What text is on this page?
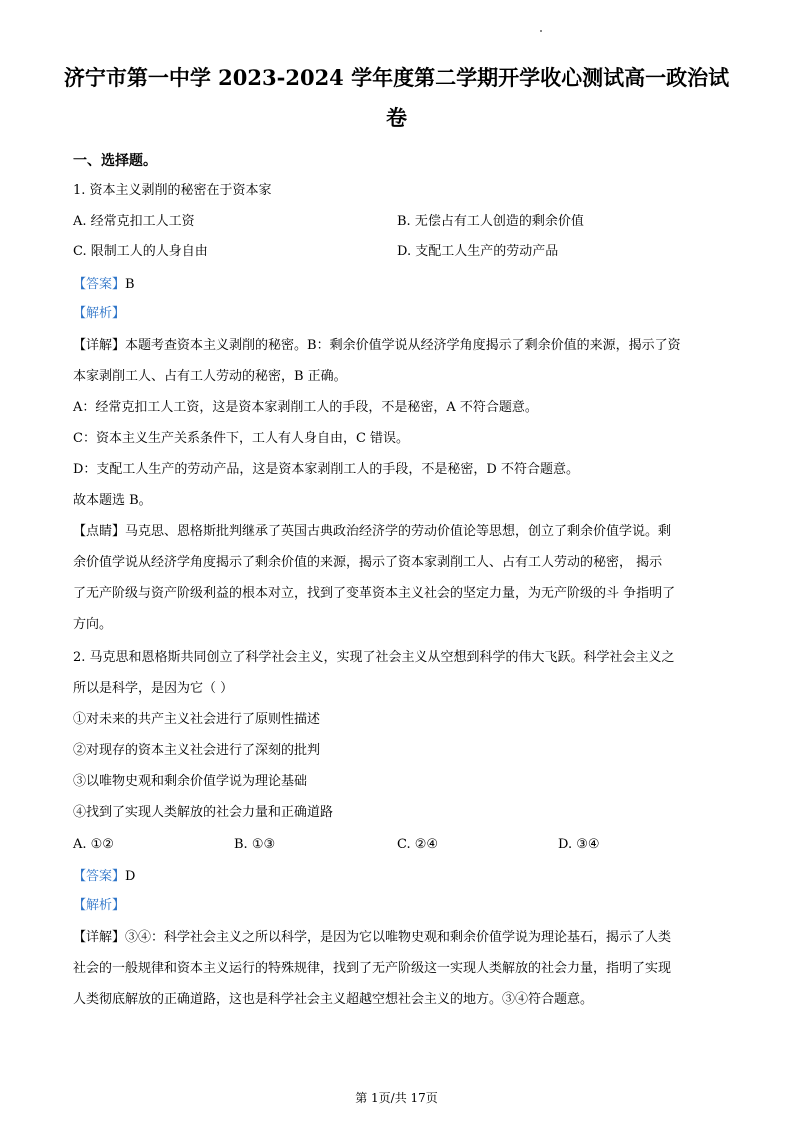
济宁市第一中学 2023-2024 学年度第二学期开学收心测试高一政治试
卷
一、选择题。
1. 资本主义剥削的秘密在于资本家
A. 经常克扣工人工资	B. 无偿占有工人创造的剩余价值
C. 限制工人的人身自由	D. 支配工人生产的劳动产品
【答案】B
【解析】
【详解】本题考查资本主义剥削的秘密。B：剩余价值学说从经济学角度揭示了剩余价值的来源，揭示了资
本家剥削工人、占有工人劳动的秘密，B 正确。
A：经常克扣工人工资，这是资本家剥削工人的手段，不是秘密，A 不符合题意。
C：资本主义生产关系条件下，工人有人身自由，C 错误。
D：支配工人生产的劳动产品，这是资本家剥削工人的手段，不是秘密，D 不符合题意。
故本题选 B。
【点睛】马克思、恩格斯批判继承了英国古典政治经济学的劳动价值论等思想，创立了剩余价值学说。剩
余价值学说从经济学角度揭示了剩余价值的来源，揭示了资本家剥削工人、占有工人劳动的秘密， 揭示
了无产阶级与资产阶级利益的根本对立，找到了变革资本主义社会的坚定力量，为无产阶级的斗 争指明了
方向。
2. 马克思和恩格斯共同创立了科学社会主义，实现了社会主义从空想到科学的伟大飞跃。科学社会主义之
所以是科学，是因为它（ ）
①对未来的共产主义社会进行了原则性描述
②对现存的资本主义社会进行了深刻的批判
③以唯物史观和剩余价值学说为理论基础
④找到了实现人类解放的社会力量和正确道路
A. ①②	B. ①③	C. ②④	D. ③④
【答案】D
【解析】
【详解】③④：科学社会主义之所以科学，是因为它以唯物史观和剩余价值学说为理论基石，揭示了人类
社会的一般规律和资本主义运行的特殊规律，找到了无产阶级这一实现人类解放的社会力量，指明了实现
人类彻底解放的正确道路，这也是科学社会主义超越空想社会主义的地方。③④符合题意。
第 1页/共 17页
